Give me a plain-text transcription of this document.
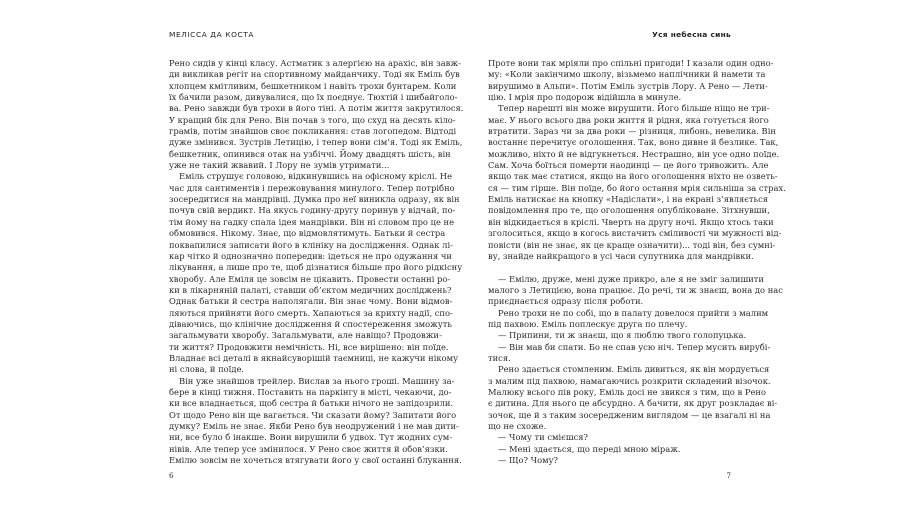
МЕЛІССА ДА КОСТА
Рено сидів у кінці класу. Астматик з алергією на арахіс, він завж-
ди викликав регіт на спортивному майданчику. Тоді як Еміль був
хлопцем кмітливим, бешкетником і навіть трохи бунтарем. Коли
їх бачили разом, дивувалися, що їх поєднує. Тюхтій і шибайголо-
ва. Рено завжди був трохи в його тіні. А потім життя закрутилося.
У кращий бік для Рено. Він почав з того, що схуд на десять кіло-
грамів, потім знайшов своє покликання: став логопедом. Відтоді
дуже змінився. Зустрів Летицію, і тепер вони сім’я. Тоді як Еміль,
бешкетник, опинився отак на узбіччі. Йому двадцять шість, він
уже не такий жвавий. І Лору не зумів утримати...
Еміль струшує головою, відкинувшись на офісному кріслі. Не
час для сантиментів і пережовування минулого. Тепер потрібно
зосередитися на мандрівці. Думка про неї виникла одразу, як він
почув свій вердикт. На якусь годину-другу поринув у відчай, по-
тім йому на гадку спала ідея мандрівки. Він ні словом про це не
обмовився. Нікому. Знає, що відмовлятимуть. Батьки й сестра
поквапилися записати його в клініку на дослідження. Однак лі-
кар чітко й однозначно попередив: ідеться не про одужання чи
лікування, а лише про те, щоб дізнатися більше про його рідкісну
хворобу. Але Еміля це зовсім не цікавить. Провести останні ро-
ки в лікарняній палаті, ставши об’єктом медичних досліджень?
Однак батьки й сестра наполягали. Він знає чому. Вони відмов-
ляються прийняти його смерть. Хапаються за крихту надії, спо-
діваючись, що клінічне дослідження й спостереження зможуть
загальмувати хворобу. Загальмувати, але навіщо? Продовжи-
ти життя? Продовжити немічність. Ні, все вирішено: він поїде.
Владнає всі деталі в якнайсуворішій таємниці, не кажучи нікому
ні слова, й поїде.
Він уже знайшов трейлер. Вислав за нього гроші. Машину за-
бере в кінці тижня. Поставить на паркінгу в місті, чекаючи, до-
ки все владнається, щоб сестра й батьки нічого не запідозрили.
От щодо Рено він ще вагається. Чи сказати йому? Запитати його
думку? Еміль не знає. Якби Рено був неодружений і не мав дити-
ни, все було б інакше. Вони вирушили б удвох. Тут жодних сум-
нівів. Але тепер усе змінилося. У Рено своє життя й обов’язки.
Емілю зовсім не хочеться втягувати його у свої останні блукання.
6
Уся небесна синь
Проте вони так мріяли про спільні пригоди! І казали один одно-
му: «Коли закінчимо школу, візьмемо наплічники й намети та
вирушимо в Альпи». Потім Еміль зустрів Лору. А Рено — Лети-
цію. І мрія про подорож відійшла в минуле.
Тепер нарешті він може вирушити. Його більше ніщо не три-
має. У нього всього два роки життя й рідня, яка готується його
втратити. Зараз чи за два роки — різниця, либонь, невелика. Він
востаннє перечитує оголошення. Так, воно дивне й безлике. Так,
можливо, ніхто й не відгукнеться. Нестрашно, він усе одно поїде.
Сам. Хоча боїться померти наодинці — це його тривожить. Але
якщо так має статися, якщо на його оголошення ніхто не озветь-
ся — тим гірше. Він поїде, бо його остання мрія сильніша за страх.
Еміль натискає на кнопку «Надіслати», і на екрані з’являється
повідомлення про те, що оголошення опубліковане. Зітхнувши,
він відкидається в кріслі. Чверть на другу ночі. Якщо хтось таки
зголоситься, якщо в когось вистачить сміливості чи мужності від-
повісти (він не знає, як це краще означити)... тоді він, без сумні-
ву, знайде найкращого в усі часи супутника для мандрівки.
— Емілю, друже, мені дуже прикро, але я не зміг залишити
малого з Летицією, вона працює. До речі, ти ж знаєш, вона до нас
приєднається одразу після роботи.
Рено трохи не по собі, що в палату довелося прийти з малим
під пахвою. Еміль поплескує друга по плечу.
— Припини, ти ж знаєш, що я люблю твого голопуцька.
— Він мав би спати. Бо не спав усю ніч. Тепер мусить вирубі-
тися.
Рено здається стомленим. Еміль дивиться, як він мордується
з малим під пахвою, намагаючись розкрити складений візочок.
Малюку всього пів року, Еміль досі не звикся з тим, що в Рено
є дитина. Для нього це абсурдно. А бачити, як друг розкладає ві-
зочок, ще й з таким зосередженим виглядом — це взагалі ні на
що не схоже.
— Чому ти смієшся?
— Мені здається, що переді мною міраж.
— Що? Чому?
7
